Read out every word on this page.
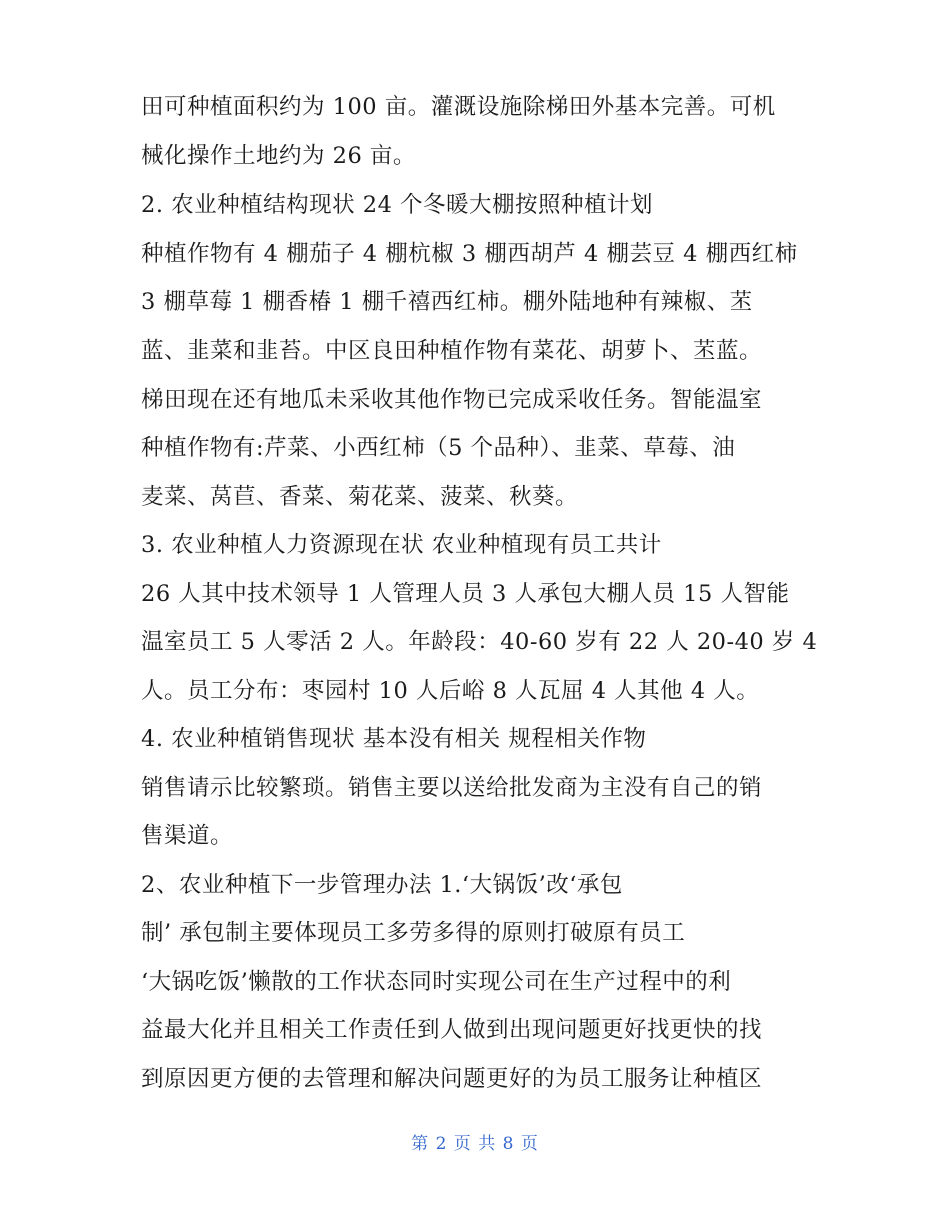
田可种植面积约为 100 亩。灌溉设施除梯田外基本完善。可机
械化操作土地约为 26 亩。
2. 农业种植结构现状 24 个冬暖大棚按照种植计划
种植作物有 4 棚茄子 4 棚杭椒 3 棚西胡芦 4 棚芸豆 4 棚西红柿
3 棚草莓 1 棚香椿 1 棚千禧西红柿。棚外陆地种有辣椒、苤
蓝、韭菜和韭苔。中区良田种植作物有菜花、胡萝卜、苤蓝。
梯田现在还有地瓜未采收其他作物已完成采收任务。智能温室
种植作物有:芹菜、小西红柿（5 个品种）、韭菜、草莓、油
麦菜、莴苣、香菜、菊花菜、菠菜、秋葵。
3. 农业种植人力资源现在状 农业种植现有员工共计
26 人其中技术领导 1 人管理人员 3 人承包大棚人员 15 人智能
温室员工 5 人零活 2 人。年龄段：40-60 岁有 22 人 20-40 岁 4
人。员工分布：枣园村 10 人后峪 8 人瓦屈 4 人其他 4 人。
4. 农业种植销售现状 基本没有相关 规程相关作物
销售请示比较繁琐。销售主要以送给批发商为主没有自己的销
售渠道。
2、农业种植下一步管理办法 1.‘大锅饭’改‘承包
制’ 承包制主要体现员工多劳多得的原则打破原有员工
‘大锅吃饭’懒散的工作状态同时实现公司在生产过程中的利
益最大化并且相关工作责任到人做到出现问题更好找更快的找
到原因更方便的去管理和解决问题更好的为员工服务让种植区
第 2 页 共 8 页
